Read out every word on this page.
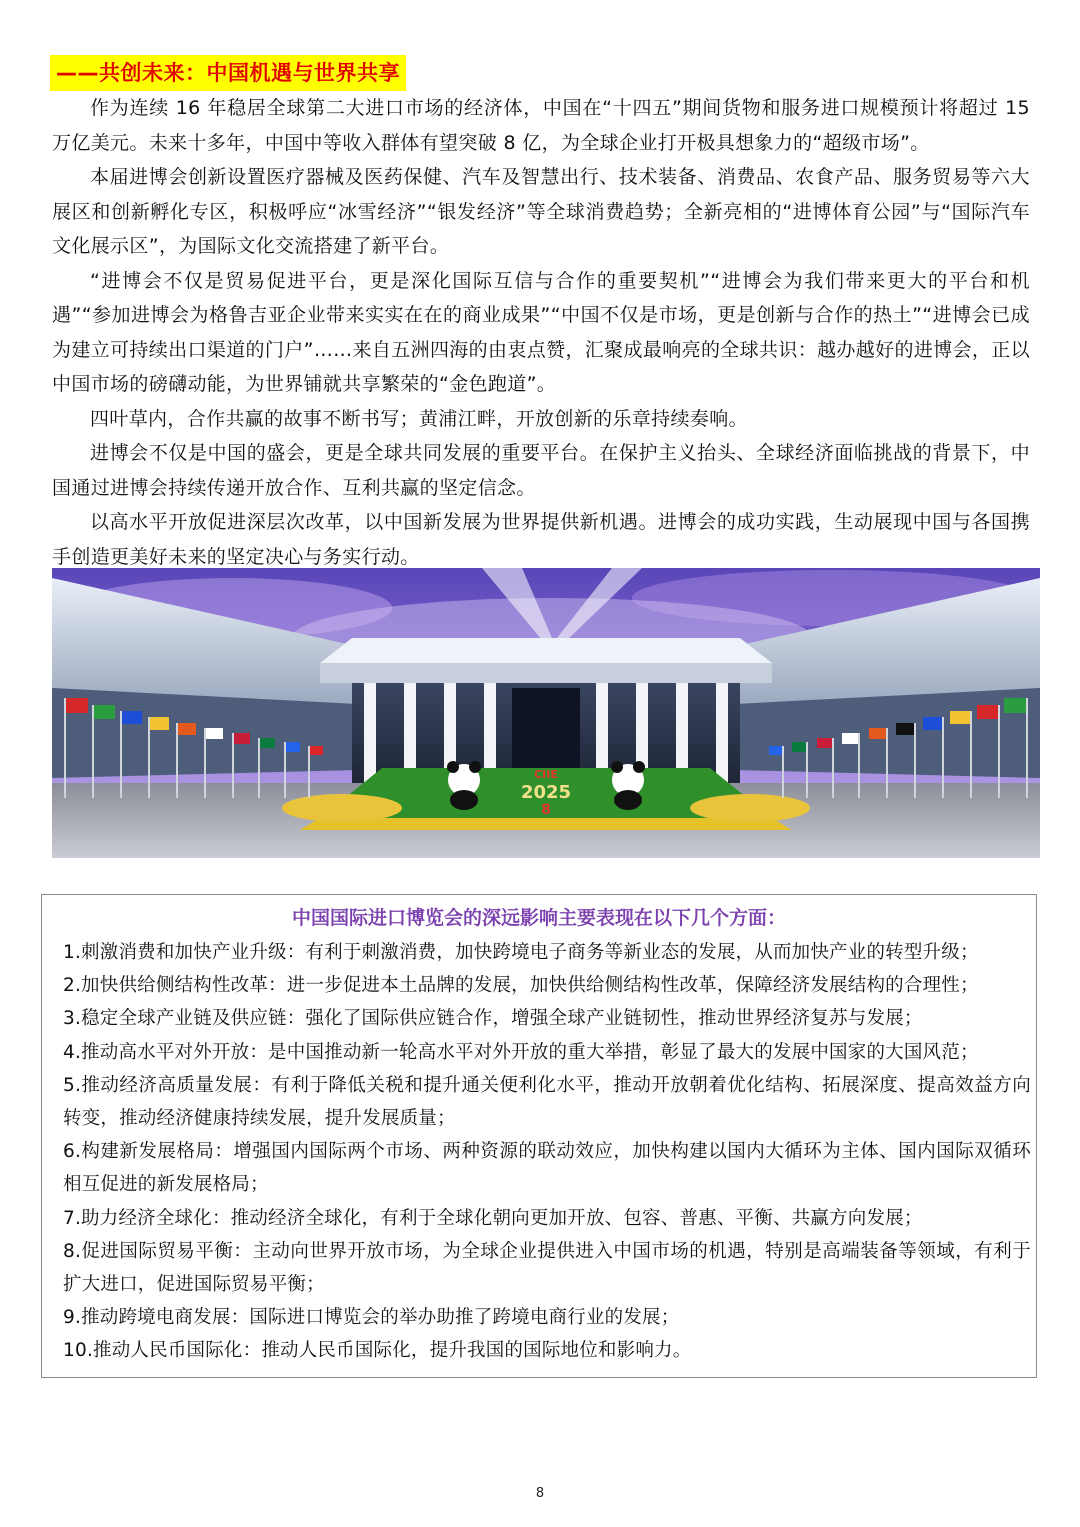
——共创未来：中国机遇与世界共享

作为连续 16 年稳居全球第二大进口市场的经济体，中国在“十四五”期间货物和服务进口规模预计将超过 15 万亿美元。未来十多年，中国中等收入群体有望突破 8 亿，为全球企业打开极具想象力的“超级市场”。

本届进博会创新设置医疗器械及医药保健、汽车及智慧出行、技术装备、消费品、农食产品、服务贸易等六大展区和创新孵化专区，积极呼应“冰雪经济”“银发经济”等全球消费趋势；全新亮相的“进博体育公园”与“国际汽车文化展示区”，为国际文化交流搭建了新平台。

“进博会不仅是贸易促进平台，更是深化国际互信与合作的重要契机”“进博会为我们带来更大的平台和机遇”“参加进博会为格鲁吉亚企业带来实实在在的商业成果”“中国不仅是市场，更是创新与合作的热土”“进博会已成为建立可持续出口渠道的门户”……来自五洲四海的由衷点赞，汇聚成最响亮的全球共识：越办越好的进博会，正以中国市场的磅礴动能，为世界铺就共享繁荣的“金色跑道”。

四叶草内，合作共赢的故事不断书写；黄浦江畔，开放创新的乐章持续奏响。

进博会不仅是中国的盛会，更是全球共同发展的重要平台。在保护主义抬头、全球经济面临挑战的背景下，中国通过进博会持续传递开放合作、互利共赢的坚定信念。

以高水平开放促进深层次改革，以中国新发展为世界提供新机遇。进博会的成功实践，生动展现中国与各国携手创造更美好未来的坚定决心与务实行动。

CIIE
2025
8
中国国际进口博览会的深远影响主要表现在以下几个方面：
1.刺激消费和加快产业升级：有利于刺激消费，加快跨境电子商务等新业态的发展，从而加快产业的转型升级；
2.加快供给侧结构性改革：进一步促进本土品牌的发展，加快供给侧结构性改革，保障经济发展结构的合理性；
3.稳定全球产业链及供应链：强化了国际供应链合作，增强全球产业链韧性，推动世界经济复苏与发展；
4.推动高水平对外开放：是中国推动新一轮高水平对外开放的重大举措，彰显了最大的发展中国家的大国风范；
5.推动经济高质量发展：有利于降低关税和提升通关便利化水平，推动开放朝着优化结构、拓展深度、提高效益方向转变，推动经济健康持续发展，提升发展质量；
6.构建新发展格局：增强国内国际两个市场、两种资源的联动效应，加快构建以国内大循环为主体、国内国际双循环相互促进的新发展格局；
7.助力经济全球化：推动经济全球化，有利于全球化朝向更加开放、包容、普惠、平衡、共赢方向发展；
8.促进国际贸易平衡：主动向世界开放市场，为全球企业提供进入中国市场的机遇，特别是高端装备等领域，有利于扩大进口，促进国际贸易平衡；
9.推动跨境电商发展：国际进口博览会的举办助推了跨境电商行业的发展；
10.推动人民币国际化：推动人民币国际化，提升我国的国际地位和影响力。
8
